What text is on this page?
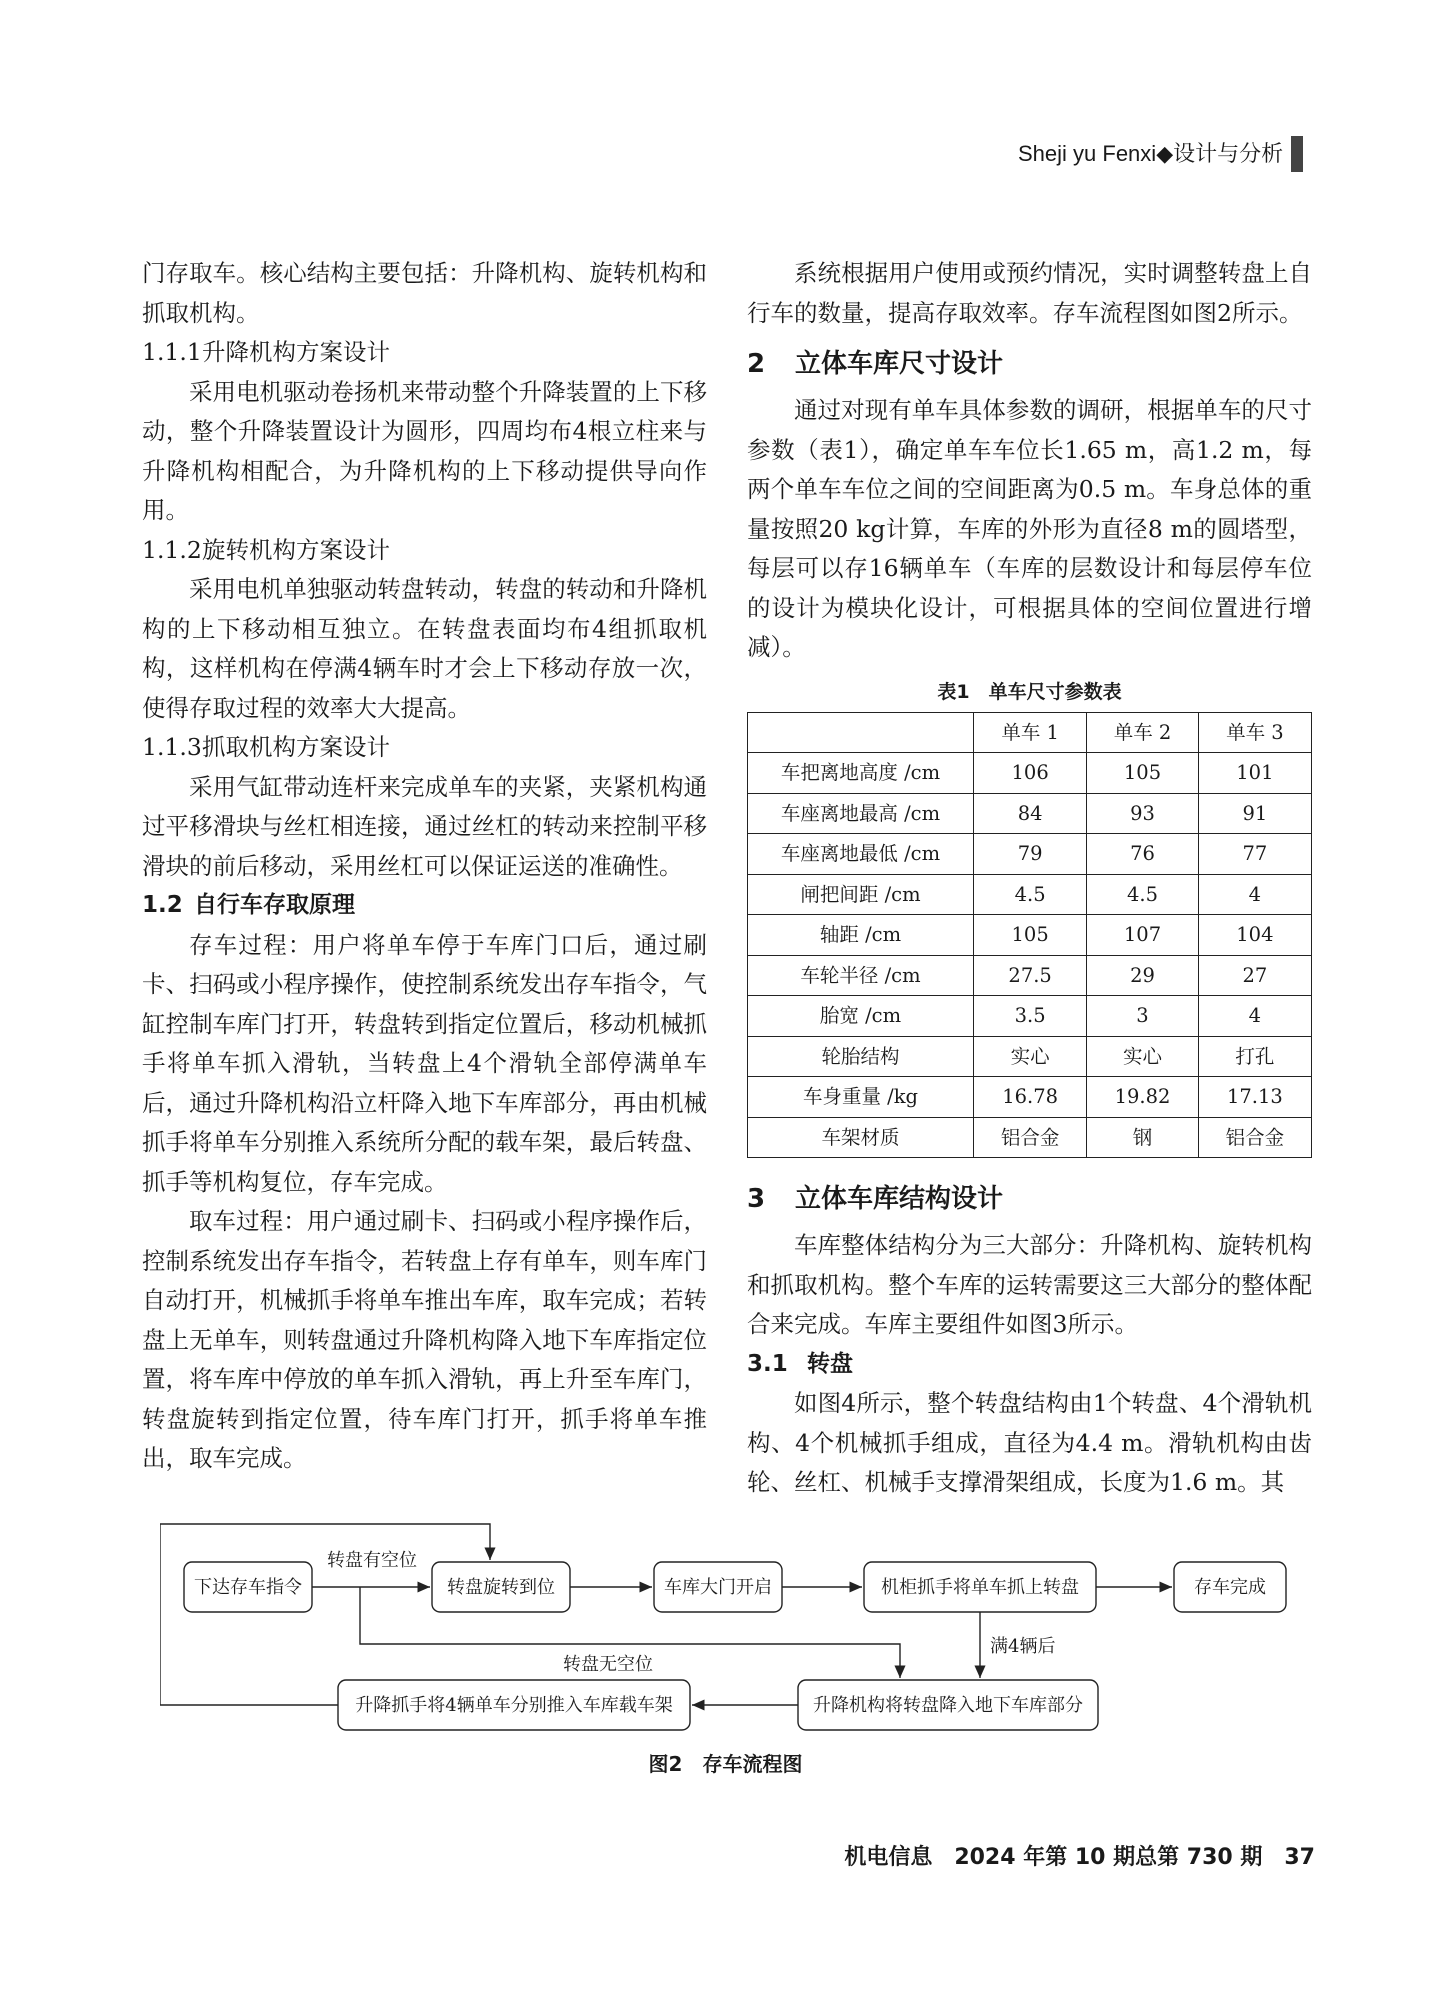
Sheji yu Fenxi◆设计与分析

门存取车。核心结构主要包括：升降机构、旋转机构和抓取机构。

1.1.1升降机构方案设计

采用电机驱动卷扬机来带动整个升降装置的上下移动，整个升降装置设计为圆形，四周均布4根立柱来与升降机构相配合，为升降机构的上下移动提供导向作用。

1.1.2旋转机构方案设计

采用电机单独驱动转盘转动，转盘的转动和升降机构的上下移动相互独立。在转盘表面均布4组抓取机构，这样机构在停满4辆车时才会上下移动存放一次，使得存取过程的效率大大提高。

1.1.3抓取机构方案设计

采用气缸带动连杆来完成单车的夹紧，夹紧机构通过平移滑块与丝杠相连接，通过丝杠的转动来控制平移滑块的前后移动，采用丝杠可以保证运送的准确性。

1.2 自行车存取原理

存车过程：用户将单车停于车库门口后，通过刷卡、扫码或小程序操作，使控制系统发出存车指令，气缸控制车库门打开，转盘转到指定位置后，移动机械抓手将单车抓入滑轨，当转盘上4个滑轨全部停满单车后，通过升降机构沿立杆降入地下车库部分，再由机械抓手将单车分别推入系统所分配的载车架，最后转盘、抓手等机构复位，存车完成。

取车过程：用户通过刷卡、扫码或小程序操作后，控制系统发出存车指令，若转盘上存有单车，则车库门自动打开，机械抓手将单车推出车库，取车完成；若转盘上无单车，则转盘通过升降机构降入地下车库指定位置，将车库中停放的单车抓入滑轨，再上升至车库门，转盘旋转到指定位置，待车库门打开，抓手将单车推出，取车完成。

系统根据用户使用或预约情况，实时调整转盘上自行车的数量，提高存取效率。存车流程图如图2所示。

2 立体车库尺寸设计

通过对现有单车具体参数的调研，根据单车的尺寸参数（表1），确定单车车位长1.65 m，高1.2 m，每两个单车车位之间的空间距离为0.5 m。车身总体的重量按照20 kg计算，车库的外形为直径8 m的圆塔型，每层可以存16辆单车（车库的层数设计和每层停车位的设计为模块化设计，可根据具体的空间位置进行增减）。

表1　单车尺寸参数表
	单车 1	单车 2	单车 3
车把离地高度 /cm	106	105	101
车座离地最高 /cm	84	93	91
车座离地最低 /cm	79	76	77
闸把间距 /cm	4.5	4.5	4
轴距 /cm	105	107	104
车轮半径 /cm	27.5	29	27
胎宽 /cm	3.5	3	4
轮胎结构	实心	实心	打孔
车身重量 /kg	16.78	19.82	17.13
车架材质	铝合金	钢	铝合金

3 立体车库结构设计

车库整体结构分为三大部分：升降机构、旋转机构和抓取机构。整个车库的运转需要这三大部分的整体配合来完成。车库主要组件如图3所示。

3.1 转盘

如图4所示，整个转盘结构由1个转盘、4个滑轨机构、4个机械抓手组成，直径为4.4 m。滑轨机构由齿轮、丝杠、机械手支撑滑架组成，长度为1.6 m。其

下达存车指令	转盘旋转到位	车库大门开启	机柜抓手将单车抓上转盘	存车完成
升降机构将转盘降入地下车库部分
升降抓手将4辆单车分别推入车库载车架
转盘有空位
转盘无空位
满4辆后
图2　存车流程图
机电信息　2024 年第 10 期总第 730 期　37
